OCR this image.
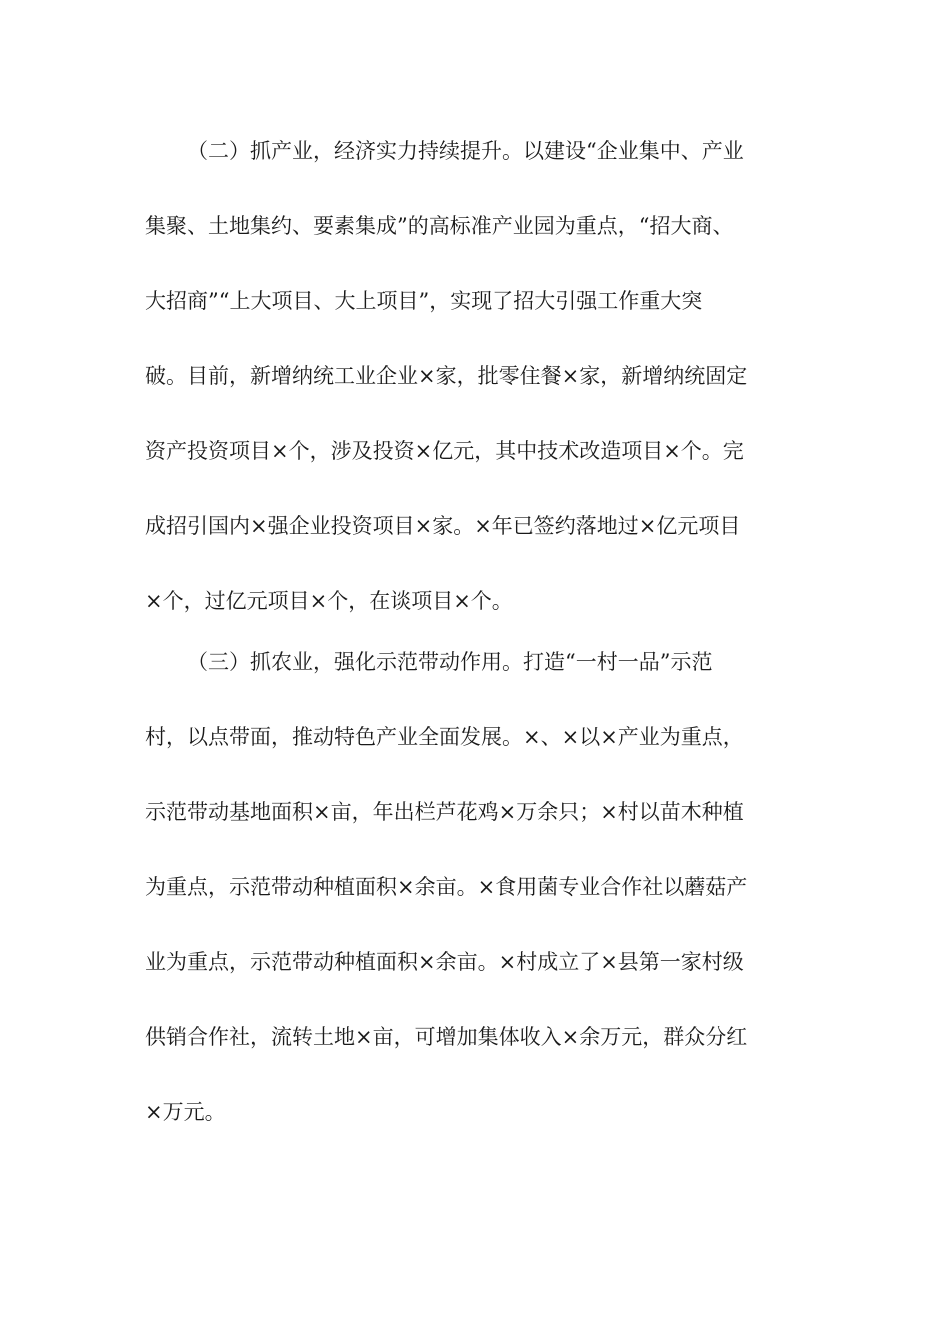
（二）抓产业，经济实力持续提升。以建设“企业集中、产业
集聚、土地集约、要素集成”的高标准产业园为重点，“招大商、
大招商”“上大项目、大上项目”，实现了招大引强工作重大突
破。目前，新增纳统工业企业×家，批零住餐×家，新增纳统固定
资产投资项目×个，涉及投资×亿元，其中技术改造项目×个。完
成招引国内×强企业投资项目×家。×年已签约落地过×亿元项目
×个，过亿元项目×个，在谈项目×个。
（三）抓农业，强化示范带动作用。打造“一村一品”示范
村，以点带面，推动特色产业全面发展。×、×以×产业为重点，
示范带动基地面积×亩，年出栏芦花鸡×万余只；×村以苗木种植
为重点，示范带动种植面积×余亩。×食用菌专业合作社以蘑菇产
业为重点，示范带动种植面积×余亩。×村成立了×县第一家村级
供销合作社，流转土地×亩，可增加集体收入×余万元，群众分红
×万元。
